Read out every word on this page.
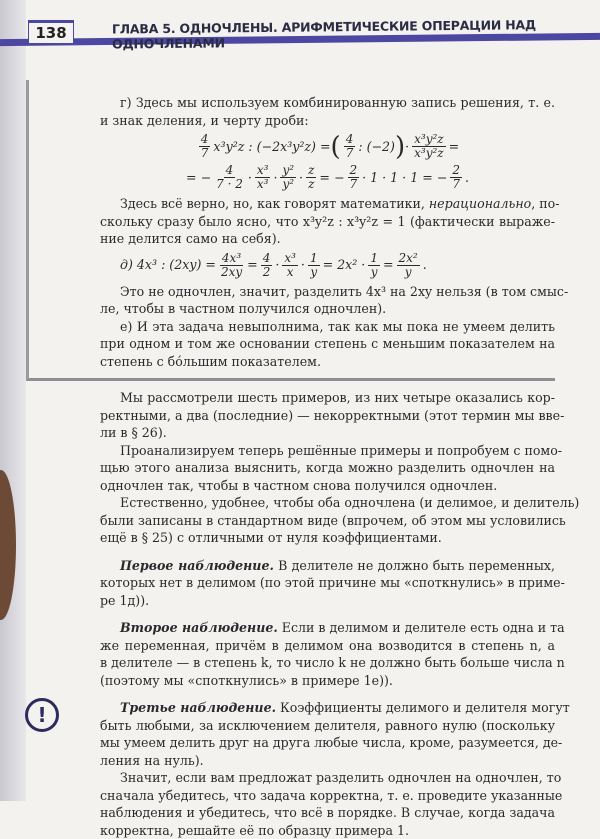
138	ГЛАВА 5. ОДНОЧЛЕНЫ. АРИФМЕТИЧЕСКИЕ ОПЕРАЦИИ НАД ОДНОЧЛЕНАМИ
г) Здесь мы используем комбинированную запись решения, т. е.
и знак деления, и черту дроби:
$\frac{4}{7} x^3y^2z$ : (−2x³y²z) = ( $\frac{4}{7}$ : (−2) ) · $\frac{\text{x³y²z}}{\text{x³y²z}}$ =
= − $\frac{4}{7 \cdot 2} \cdot \frac{\text{x³}}{\text{x³}} \cdot \frac{\text{y²}}{\text{y²}} \cdot \frac{z}{z}$ = − $\frac{2}{7} \cdot 1 \cdot 1 \cdot 1$ = − $\frac{2}{7}$ .
Здесь всё верно, но, как говорят математики, нерационально, по-
скольку сразу было ясно, что x³y²z : x³y²z = 1 (фактически выраже-
ние делится само на себя).
д) 4x³ : $(2xy) = \frac{\text{4x³}}{2xy} = \frac{4}{2} \cdot \frac{\text{x³}}{x} \cdot \frac{1}{y} = 2x^2 \cdot \frac{1}{y} = \frac{\text{2x²}}{y}$ .
Это не одночлен, значит, разделить 4x³ на 2xy нельзя (в том смыс-
ле, чтобы в частном получился одночлен).
е) И эта задача невыполнима, так как мы пока не умеем делить
при одном и том же основании степень с меньшим показателем на
степень с бо́льшим показателем.
Мы рассмотрели шесть примеров, из них четыре оказались кор-
ректными, а два (последние) — некорректными (этот термин мы вве-
ли в § 26).
Проанализируем теперь решённые примеры и попробуем с помо-
щью этого анализа выяснить, когда можно разделить одночлен на
одночлен так, чтобы в частном снова получился одночлен.
Естественно, удобнее, чтобы оба одночлена (и делимое, и делитель)
были записаны в стандартном виде (впрочем, об этом мы условились
ещё в § 25) с отличными от нуля коэффициентами.
Первое наблюдение. В делителе не должно быть переменных,
которых нет в делимом (по этой причине мы «споткнулись» в приме-
ре 1д)).
Второе наблюдение. Если в делимом и делителе есть одна и та
же переменная, причём в делимом она возводится в степень n, а
в делителе — в степень k, то число k не должно быть больше числа n
(поэтому мы «споткнулись» в примере 1е)).
Третье наблюдение. Коэффициенты делимого и делителя могут
быть любыми, за исключением делителя, равного нулю (поскольку
мы умеем делить друг на друга любые числа, кроме, разумеется, де-
ления на нуль).
Значит, если вам предложат разделить одночлен на одночлен, то
сначала убедитесь, что задача корректна, т. е. проведите указанные
наблюдения и убедитесь, что всё в порядке. В случае, когда задача
корректна, решайте её по образцу примера 1.
!
